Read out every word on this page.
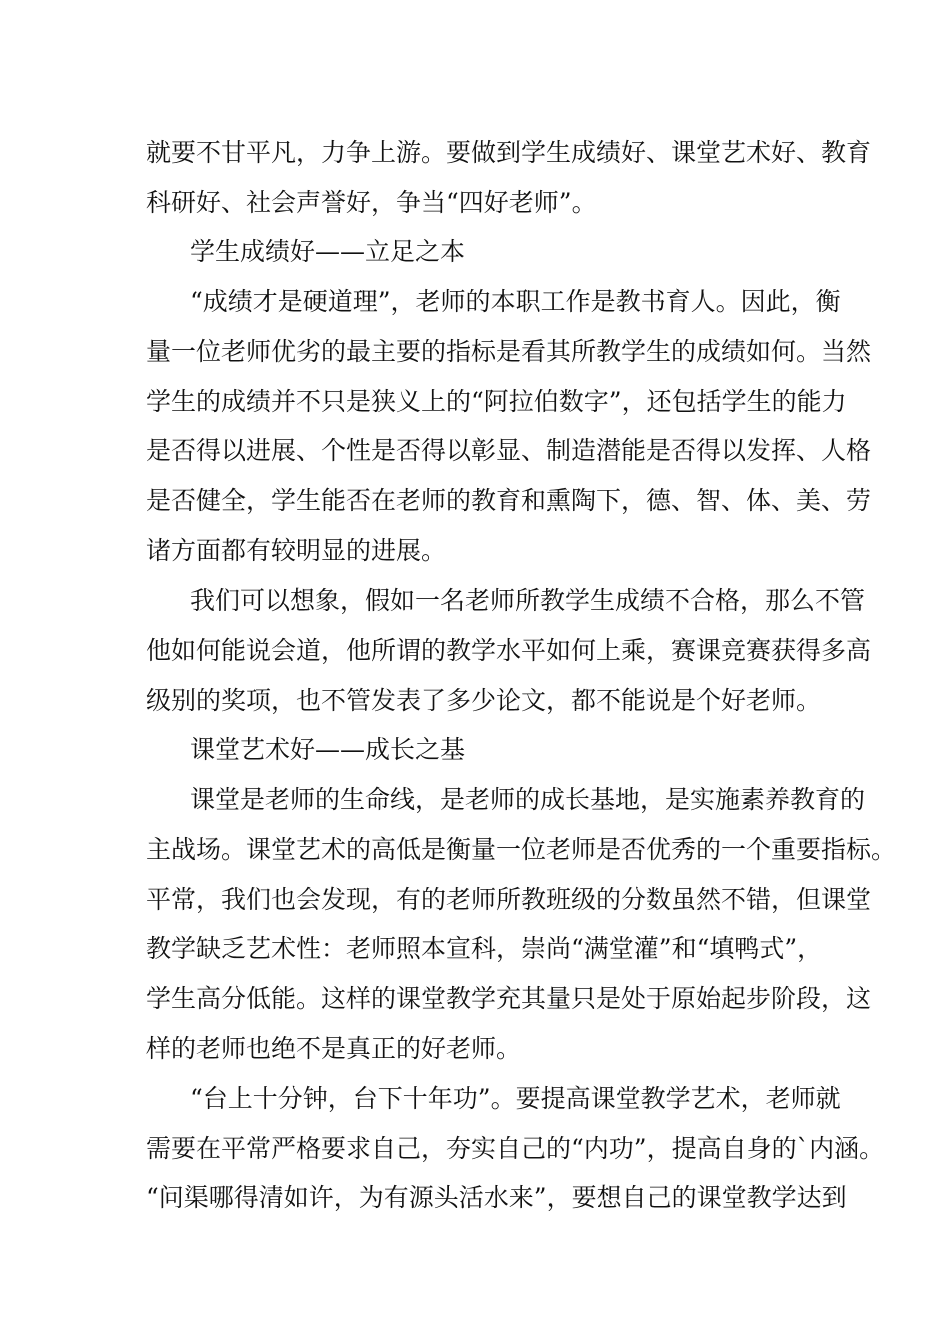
就要不甘平凡，力争上游。要做到学生成绩好、课堂艺术好、教育
科研好、社会声誉好，争当“四好老师”。
学生成绩好——立足之本
“成绩才是硬道理”，老师的本职工作是教书育人。因此，衡
量一位老师优劣的最主要的指标是看其所教学生的成绩如何。当然
学生的成绩并不只是狭义上的“阿拉伯数字”，还包括学生的能力
是否得以进展、个性是否得以彰显、制造潜能是否得以发挥、人格
是否健全，学生能否在老师的教育和熏陶下，德、智、体、美、劳
诸方面都有较明显的进展。
我们可以想象，假如一名老师所教学生成绩不合格，那么不管
他如何能说会道，他所谓的教学水平如何上乘，赛课竞赛获得多高
级别的奖项，也不管发表了多少论文，都不能说是个好老师。
课堂艺术好——成长之基
课堂是老师的生命线，是老师的成长基地，是实施素养教育的
主战场。课堂艺术的高低是衡量一位老师是否优秀的一个重要指标。
平常，我们也会发现，有的老师所教班级的分数虽然不错，但课堂
教学缺乏艺术性：老师照本宣科，崇尚“满堂灌”和“填鸭式”，
学生高分低能。这样的课堂教学充其量只是处于原始起步阶段，这
样的老师也绝不是真正的好老师。
“台上十分钟，台下十年功”。要提高课堂教学艺术，老师就
需要在平常严格要求自己，夯实自己的“内功”，提高自身的`内涵。
“问渠哪得清如许，为有源头活水来”，要想自己的课堂教学达到
